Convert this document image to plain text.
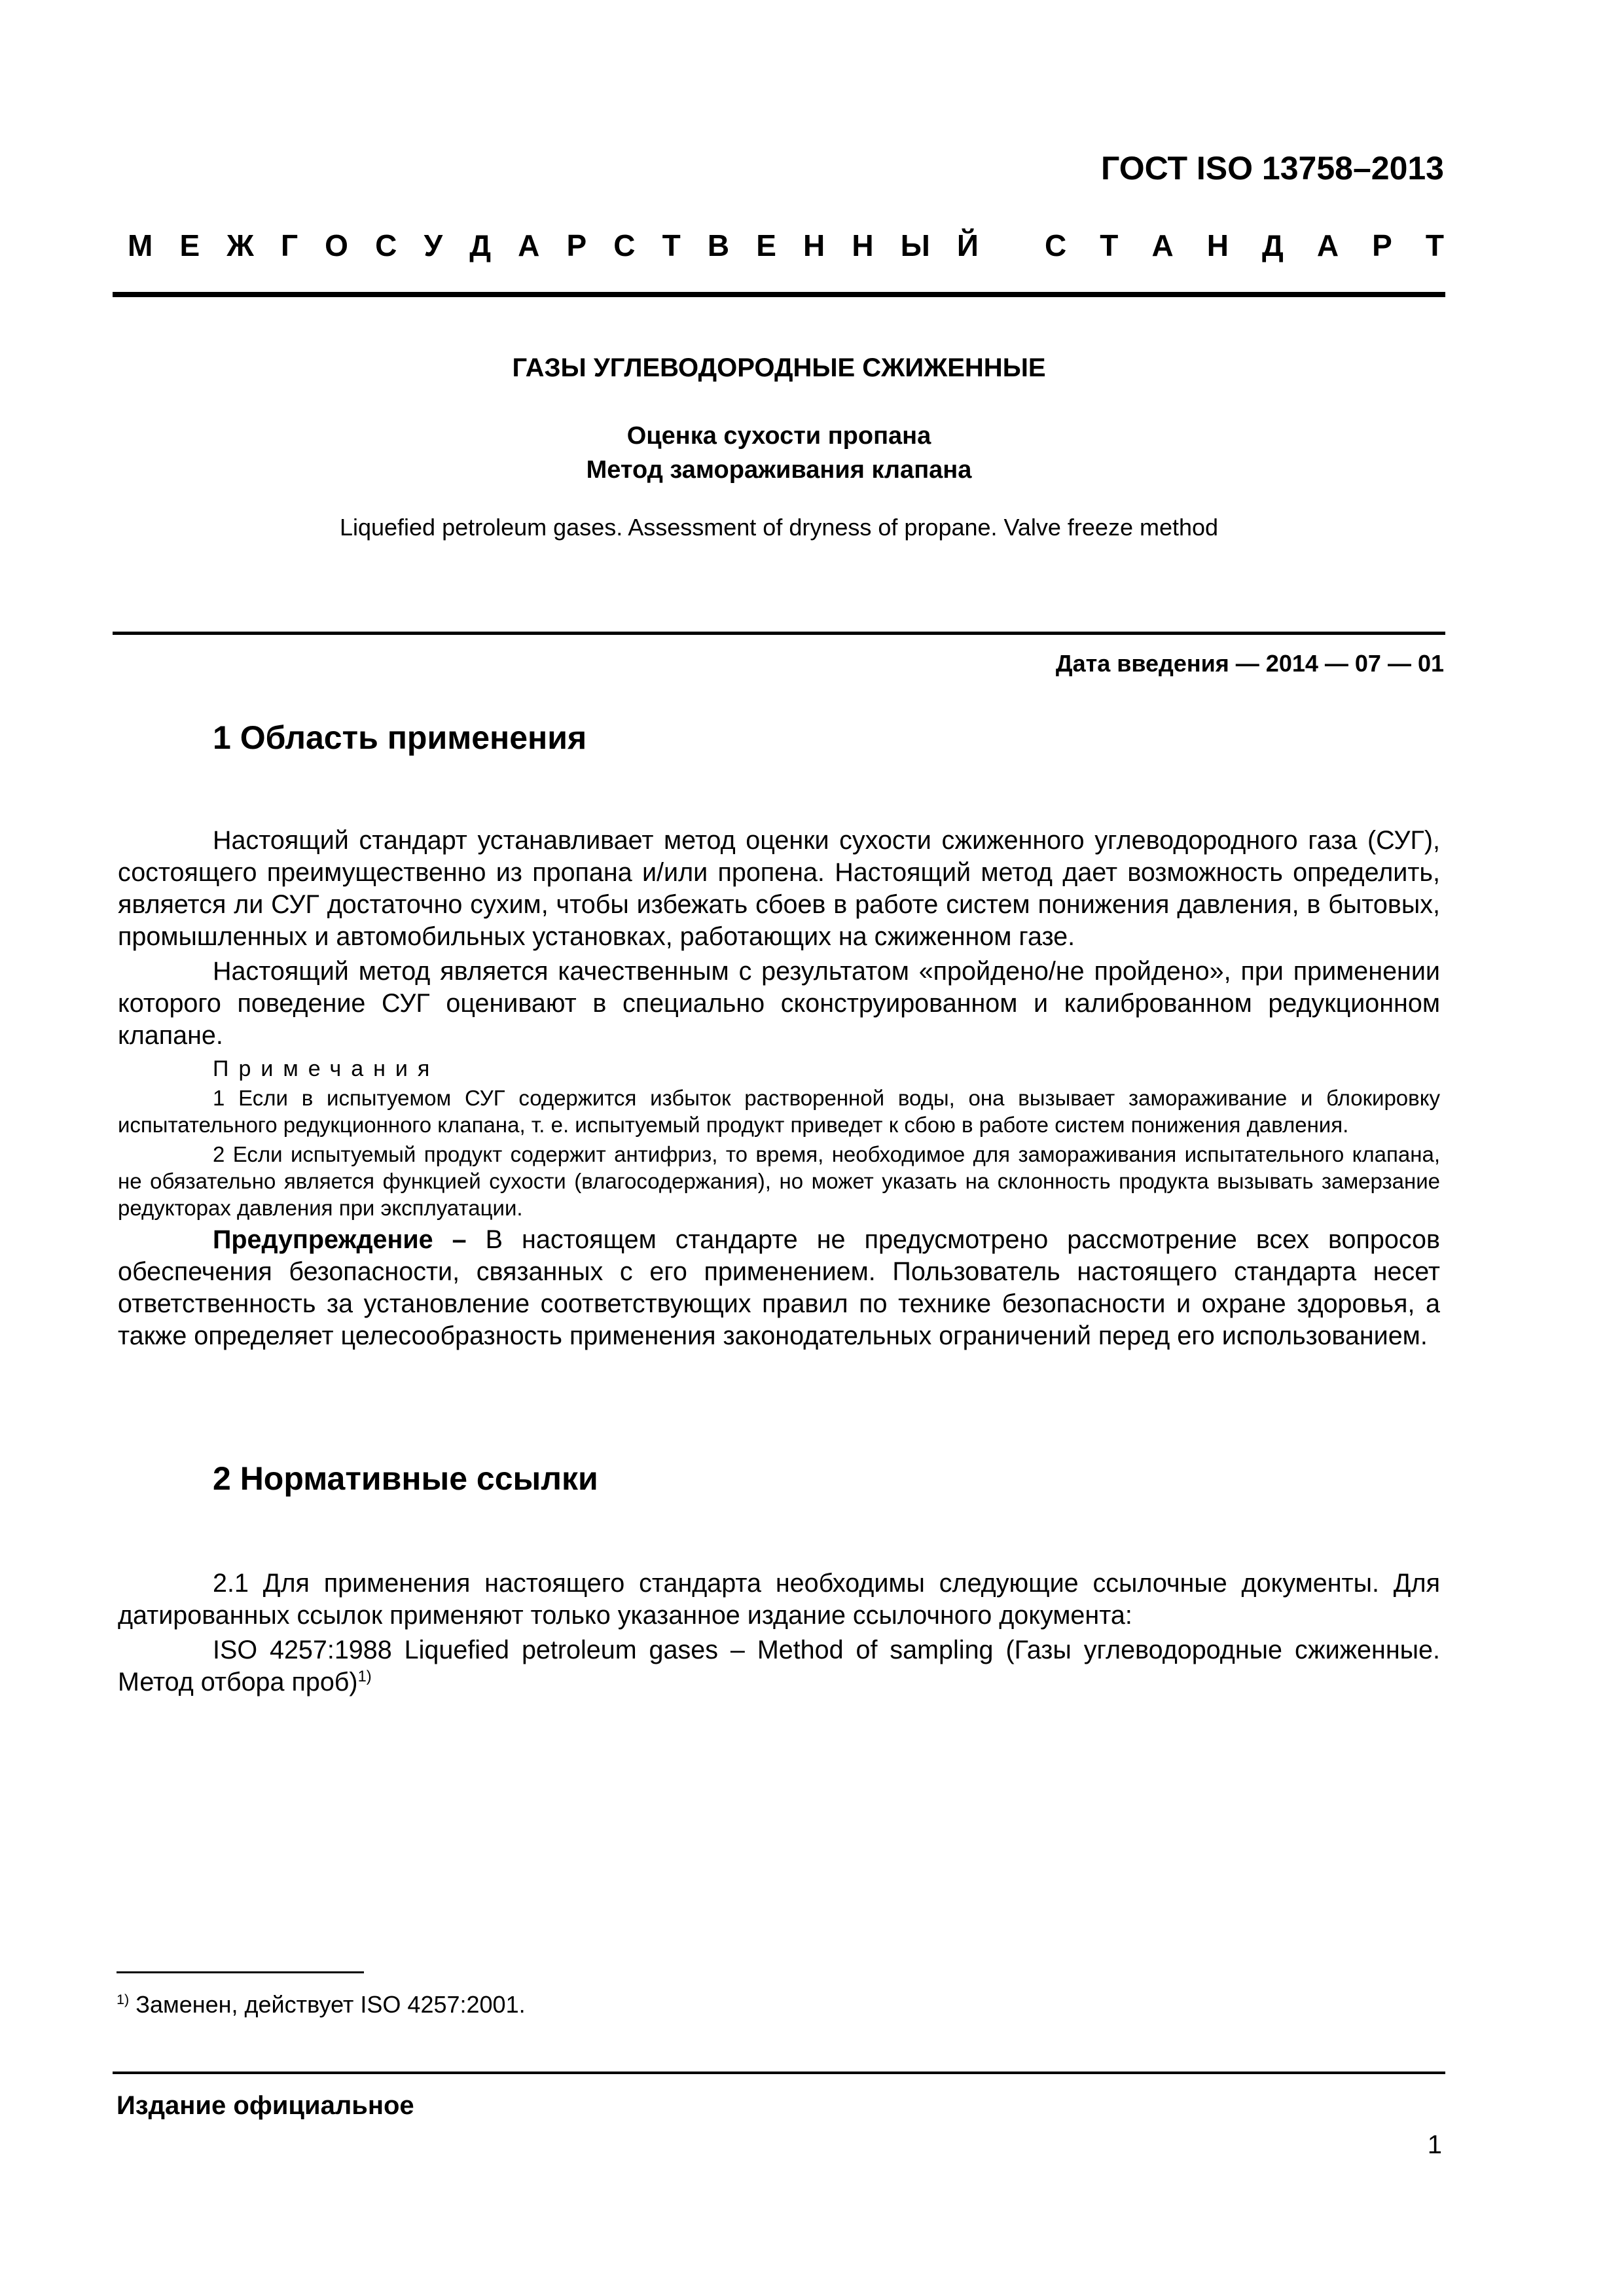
ГОСТ ISO 13758–2013
М Е Ж Г О С У Д А Р С Т В Е Н Н Ы Й С Т А Н Д А Р Т
ГАЗЫ УГЛЕВОДОРОДНЫЕ СЖИЖЕННЫЕ
Оценка сухости пропана
Метод замораживания клапана
Liquefied petroleum gases. Assessment of dryness of propane. Valve freeze method
Дата введения — 2014 — 07 — 01
1 Область применения

Настоящий стандарт устанавливает метод оценки сухости сжиженного углеводородного газа (СУГ), состоящего преимущественно из пропана и/или пропена. Настоящий метод дает возможность определить, является ли СУГ достаточно сухим, чтобы избежать сбоев в работе систем понижения давления, в бытовых, промышленных и автомобильных установках, работающих на сжиженном газе.

Настоящий метод является качественным с результатом «пройдено/не пройдено», при применении которого поведение СУГ оценивают в специально сконструированном и калиброванном редукционном клапане.

Примечания

1 Если в испытуемом СУГ содержится избыток растворенной воды, она вызывает замораживание и блокировку испытательного редукционного клапана, т. е. испытуемый продукт приведет к сбою в работе систем понижения давления.

2 Если испытуемый продукт содержит антифриз, то время, необходимое для замораживания испытательного клапана, не обязательно является функцией сухости (влагосодержания), но может указать на склонность продукта вызывать замерзание редукторах давления при эксплуатации.

Предупреждение – В настоящем стандарте не предусмотрено рассмотрение всех вопросов обеспечения безопасности, связанных с его применением. Пользователь настоящего стандарта несет ответственность за установление соответствующих правил по технике безопасности и охране здоровья, а также определяет целесообразность применения законодательных ограничений перед его использованием.

2 Нормативные ссылки

2.1 Для применения настоящего стандарта необходимы следующие ссылочные документы. Для датированных ссылок применяют только указанное издание ссылочного документа:

ISO 4257:1988 Liquefied petroleum gases – Method of sampling (Газы углеводородные сжиженные. Метод отбора проб)$^{1)}$

$^{1)}$ Заменен, действует ISO 4257:2001.
Издание официальное
1
